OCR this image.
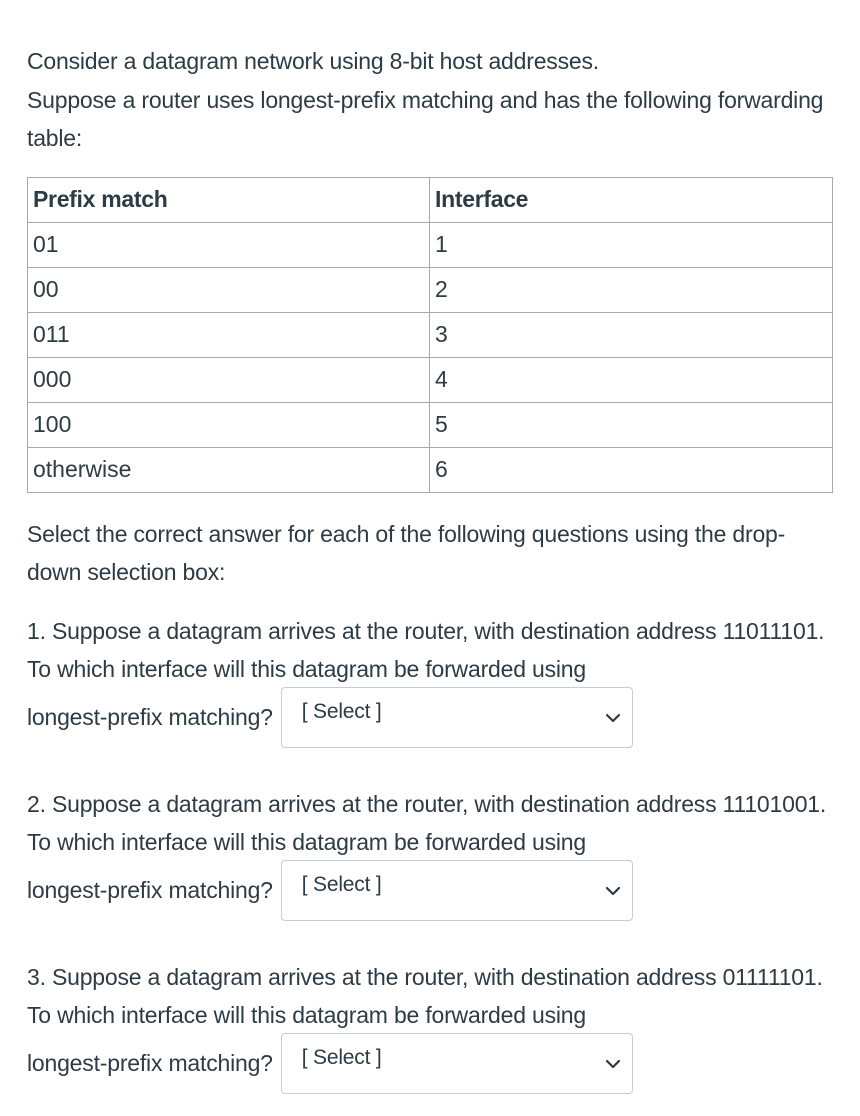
Consider a datagram network using 8-bit host addresses.

Suppose a router uses longest-prefix matching and has the following forwarding table:

Prefix match	Interface
01	1
00	2
011	3
000	4
100	5
otherwise	6

Select the correct answer for each of the following questions using the drop-down selection box:

1. Suppose a datagram arrives at the router, with destination address 11011101. To which interface will this datagram be forwarded using
longest-prefix matching? [ Select ]
2. Suppose a datagram arrives at the router, with destination address 11101001. To which interface will this datagram be forwarded using
longest-prefix matching? [ Select ]
3. Suppose a datagram arrives at the router, with destination address 01111101. To which interface will this datagram be forwarded using
longest-prefix matching? [ Select ]
